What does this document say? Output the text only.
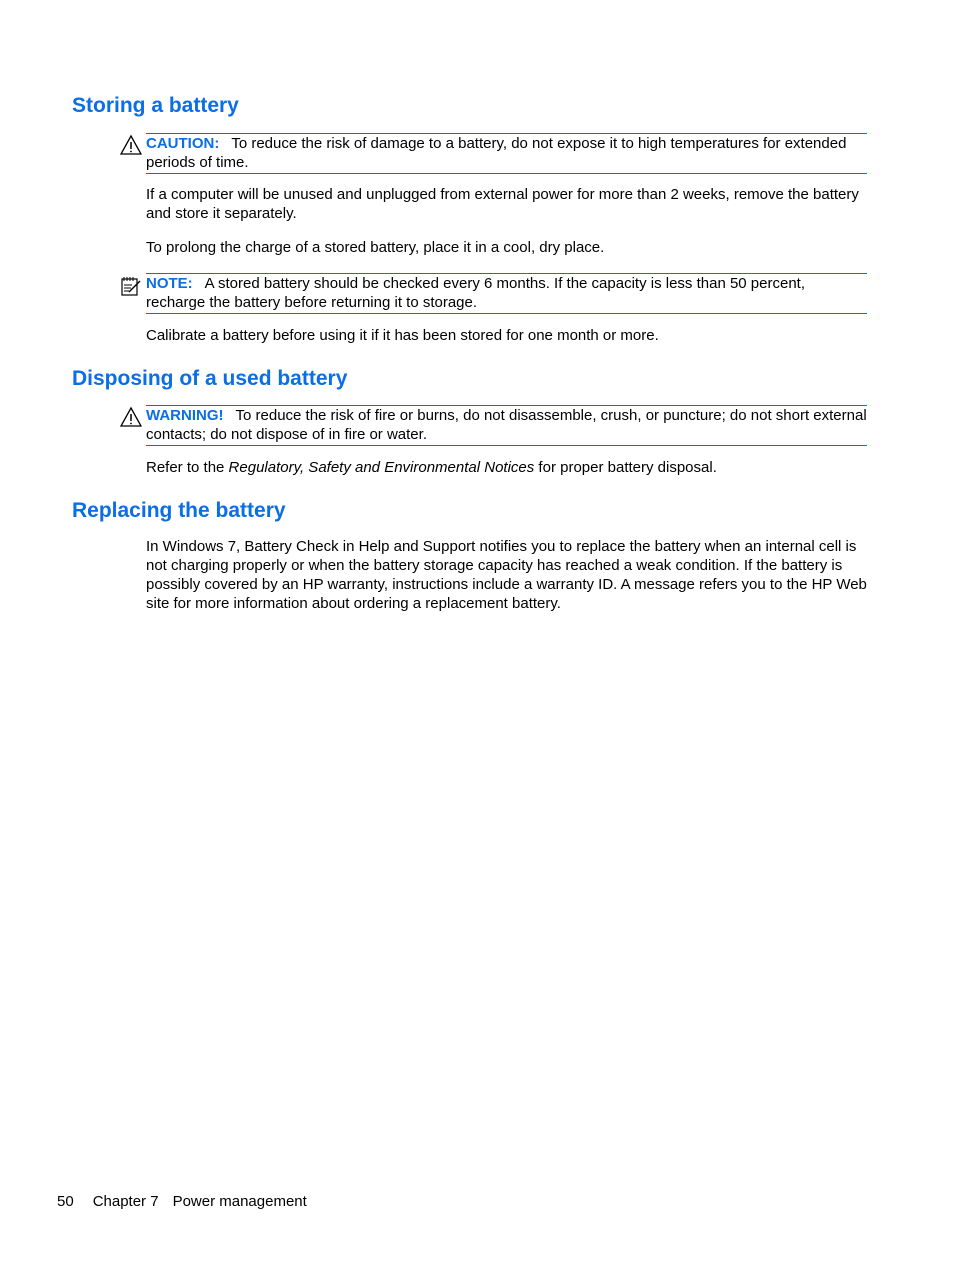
Storing a battery
CAUTION: To reduce the risk of damage to a battery, do not expose it to high temperatures for extended periods of time.

If a computer will be unused and unplugged from external power for more than 2 weeks, remove the battery and store it separately.

To prolong the charge of a stored battery, place it in a cool, dry place.

NOTE: A stored battery should be checked every 6 months. If the capacity is less than 50 percent, recharge the battery before returning it to storage.

Calibrate a battery before using it if it has been stored for one month or more.

Disposing of a used battery
WARNING! To reduce the risk of fire or burns, do not disassemble, crush, or puncture; do not short external contacts; do not dispose of in fire or water.

Refer to the Regulatory, Safety and Environmental Notices for proper battery disposal.

Replacing the battery

In Windows 7, Battery Check in Help and Support notifies you to replace the battery when an internal cell is not charging properly or when the battery storage capacity has reached a weak condition. If the battery is possibly covered by an HP warranty, instructions include a warranty ID. A message refers you to the HP Web site for more information about ordering a replacement battery.

50 Chapter 7 Power management
